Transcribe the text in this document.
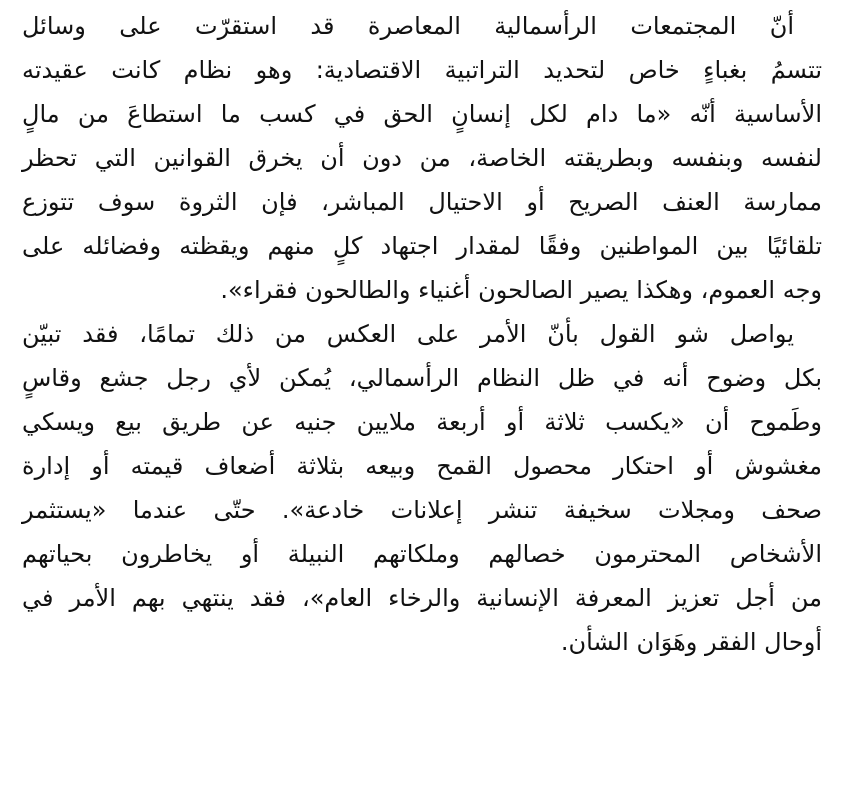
أنّ المجتمعات الرأسمالية المعاصرة قد استقرّت على وسائل
تتسمُ بغباءٍ خاص لتحديد التراتبية الاقتصادية: وهو نظام كانت عقيدته
الأساسية أنّه «ما دام لكل إنسانٍ الحق في كسب ما استطاعَ من مالٍ
لنفسه وبنفسه وبطريقته الخاصة، من دون أن يخرق القوانين التي تحظر
ممارسة العنف الصريح أو الاحتيال المباشر، فإن الثروة سوف تتوزع
تلقائيًا بين المواطنين وفقًا لمقدار اجتهاد كلٍ منهم ويقظته وفضائله على
وجه العموم، وهكذا يصير الصالحون أغنياء والطالحون فقراء».
يواصل شو القول بأنّ الأمر على العكس من ذلك تمامًا، فقد تبيّن
بكل وضوح أنه في ظل النظام الرأسمالي، يُمكن لأي رجل جشع وقاسٍ
وطَموح أن «يكسب ثلاثة أو أربعة ملايين جنيه عن طريق بيع ويسكي
مغشوش أو احتكار محصول القمح وبيعه بثلاثة أضعاف قيمته أو إدارة
صحف ومجلات سخيفة تنشر إعلانات خادعة». حتّى عندما «يستثمر
الأشخاص المحترمون خصالهم وملكاتهم النبيلة أو يخاطرون بحياتهم
من أجل تعزيز المعرفة الإنسانية والرخاء العام»، فقد ينتهي بهم الأمر في
أوحال الفقر وهَوَان الشأن.
